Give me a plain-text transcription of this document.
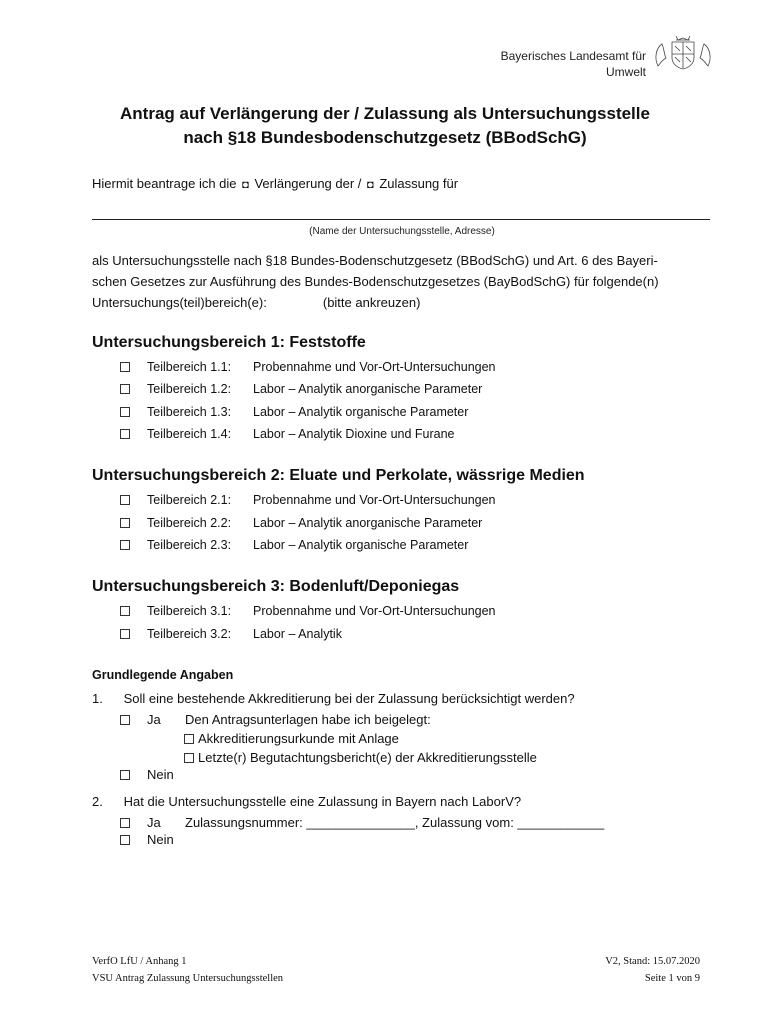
Bayerisches Landesamt für
Umwelt
Antrag auf Verlängerung der / Zulassung als Untersuchungsstelle
nach §18 Bundesbodenschutzgesetz (BBodSchG)
Hiermit beantrage ich die ◘ Verlängerung der / ◘ Zulassung für
(Name der Untersuchungsstelle, Adresse)
als Untersuchungsstelle nach §18 Bundes-Bodenschutzgesetz (BBodSchG) und Art. 6 des Bayeri-
schen Gesetzes zur Ausführung des Bundes-Bodenschutzgesetzes (BayBodSchG) für folgende(n)
Untersuchungs(teil)bereich(e):	(bitte ankreuzen)
Untersuchungsbereich 1: Feststoffe
Teilbereich 1.1:	Probennahme und Vor-Ort-Untersuchungen
Teilbereich 1.2:	Labor – Analytik anorganische Parameter
Teilbereich 1.3:	Labor – Analytik organische Parameter
Teilbereich 1.4:	Labor – Analytik Dioxine und Furane
Untersuchungsbereich 2: Eluate und Perkolate, wässrige Medien
Teilbereich 2.1:	Probennahme und Vor-Ort-Untersuchungen
Teilbereich 2.2:	Labor – Analytik anorganische Parameter
Teilbereich 2.3:	Labor – Analytik organische Parameter
Untersuchungsbereich 3: Bodenluft/Deponiegas
Teilbereich 3.1:	Probennahme und Vor-Ort-Untersuchungen
Teilbereich 3.2:	Labor – Analytik
Grundlegende Angaben
1. Soll eine bestehende Akkreditierung bei der Zulassung berücksichtigt werden?
Ja	Den Antragsunterlagen habe ich beigelegt:
Akkreditierungsurkunde mit Anlage
Letzte(r) Begutachtungsbericht(e) der Akkreditierungsstelle
Nein
2. Hat die Untersuchungsstelle eine Zulassung in Bayern nach LaborV?
Ja	Zulassungsnummer: _______________, Zulassung vom: ____________
Nein
VerfO LfU / Anhang 1
VSU Antrag Zulassung Untersuchungsstellen
V2, Stand: 15.07.2020
Seite 1 von 9
